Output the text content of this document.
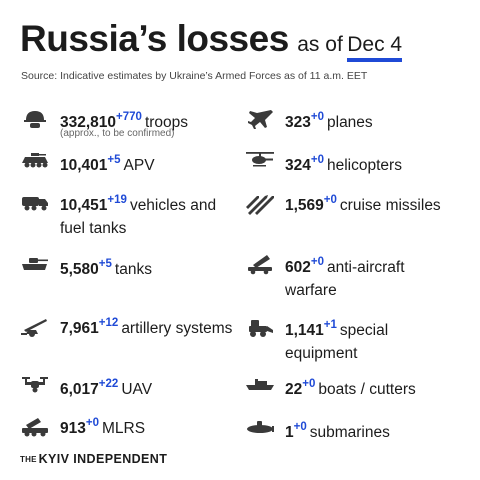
Russia’s losses as of Dec 4
Source: Indicative estimates by Ukraine’s Armed Forces as of 11 a.m. EET
$332,810^{+770}$ troops
(approx., to be confirmed)
$10,401^{+5}$ APV
$10,451^{+19}$ vehicles and fuel tanks
$5,580^{+5}$ tanks
$7,961^{+12}$ artillery systems
$6,017^{+22}$ UAV
$913^{+0}$ MLRS
$323^{+0}$ planes
$324^{+0}$ helicopters
$1,569^{+0}$ cruise missiles
$602^{+0}$ anti-aircraft warfare
$1,141^{+1}$ special equipment
$22^{+0}$ boats / cutters
$1^{+0}$ submarines
THE KYIV INDEPENDENT
